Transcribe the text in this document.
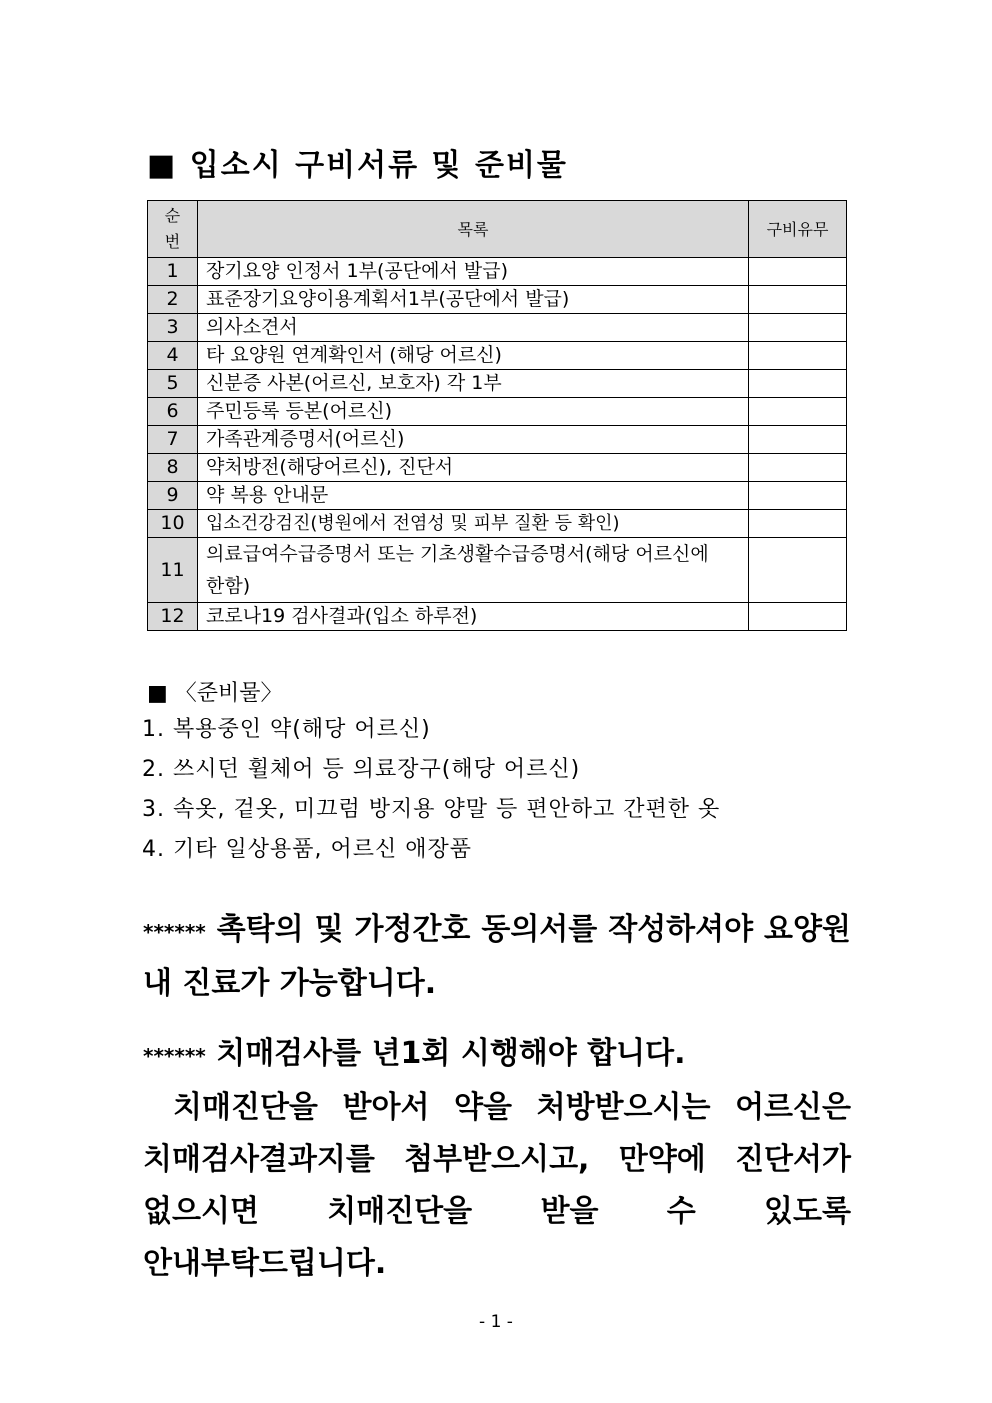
■ 입소시 구비서류 및 준비물
순
번	목록	구비유무
1	장기요양 인정서 1부(공단에서 발급)	
2	표준장기요양이용계획서1부(공단에서 발급)	
3	의사소견서	
4	타 요양원 연계확인서 (해당 어르신)	
5	신분증 사본(어르신, 보호자) 각 1부	
6	주민등록 등본(어르신)	
7	가족관계증명서(어르신)	
8	약처방전(해당어르신), 진단서	
9	약 복용 안내문	
10	입소건강검진(병원에서 전염성 및 피부 질환 등 확인)	
11	의료급여수급증명서 또는 기초생활수급증명서(해당 어르신에 한함)	
12	코로나19 검사결과(입소 하루전)	
■ 〈준비물〉
1. 복용중인 약(해당 어르신)
2. 쓰시던 휠체어 등 의료장구(해당 어르신)
3. 속옷, 겉옷, 미끄럼 방지용 양말 등 편안하고 간편한 옷
4. 기타 일상용품, 어르신 애장품
****** 촉탁의 및 가정간호 동의서를 작성하셔야 요양원 내 진료가 가능합니다.
****** 치매검사를 년1회 시행해야 합니다.
치매진단을 받아서 약을 처방받으시는 어르신은 치매검사결과지를 첨부받으시고, 만약에 진단서가 없으시면 치매진단을 받을 수 있도록 안내부탁드립니다.
- 1 -
